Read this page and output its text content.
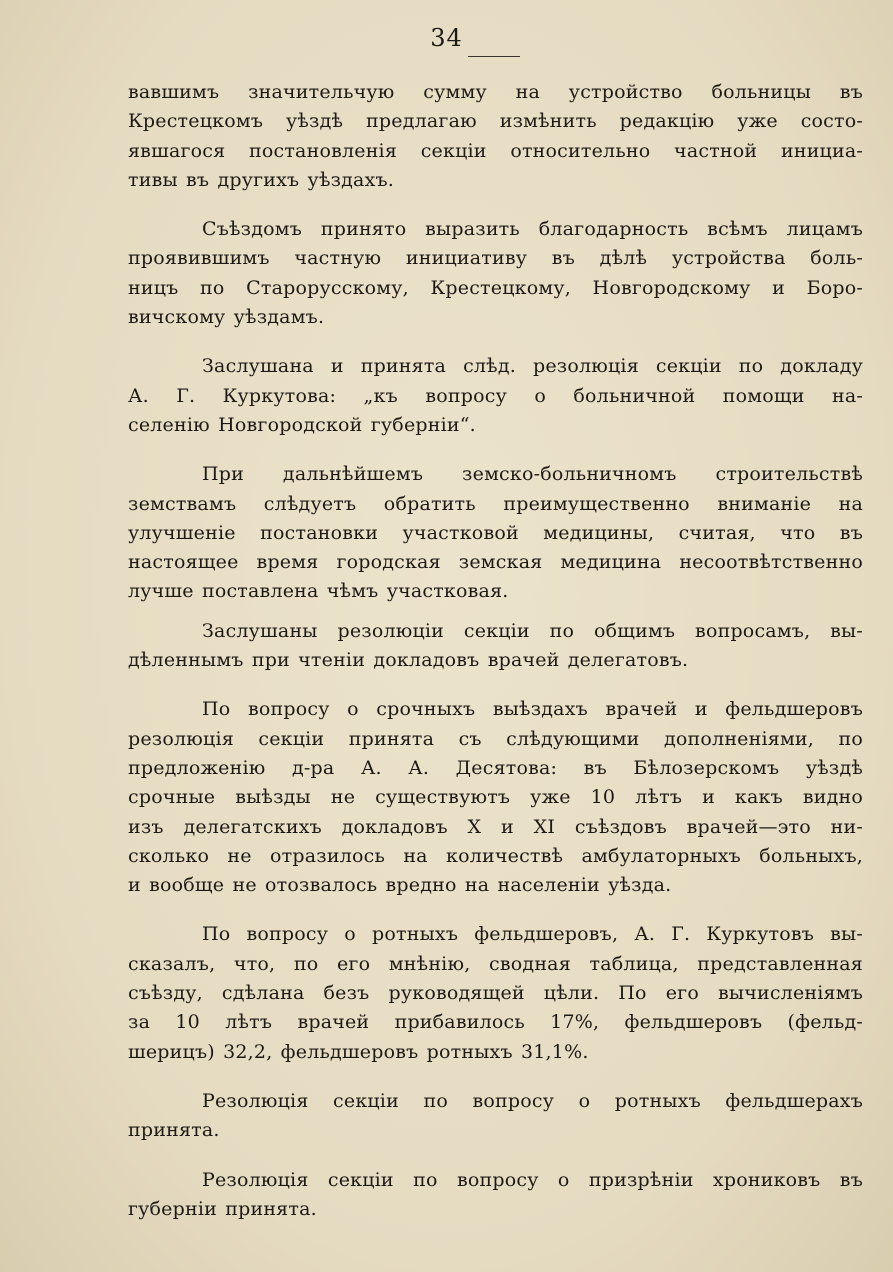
34
вавшимъ значительчую сумму на устройство больницы въ
Крестецкомъ уѣздѣ предлагаю измѣнить редакцію уже состо-
явшагося постановленія секціи относительно частной инициа-
тивы въ другихъ уѣздахъ.
Съѣздомъ принято выразить благодарность всѣмъ лицамъ
проявившимъ частную инициативу въ дѣлѣ устройства боль-
ницъ по Старорусскому, Крестецкому, Новгородскому и Боро-
вичскому уѣздамъ.
Заслушана и принята слѣд. резолюція секціи по докладу
А. Г. Куркутова: „къ вопросу о больничной помощи на-
селенію Новгородской губерніи“.
При дальнѣйшемъ земско-больничномъ строительствѣ
земствамъ слѣдуетъ обратить преимущественно вниманіе на
улучшеніе постановки участковой медицины, считая, что въ
настоящее время городская земская медицина несоотвѣтственно
лучше поставлена чѣмъ участковая.
Заслушаны резолюціи секціи по общимъ вопросамъ, вы-
дѣленнымъ при чтеніи докладовъ врачей делегатовъ.
По вопросу о срочныхъ выѣздахъ врачей и фельдшеровъ
резолюція секціи принята съ слѣдующими дополненіями, по
предложенію д-ра А. А. Десятова: въ Бѣлозерскомъ уѣздѣ
срочные выѣзды не существуютъ уже 10 лѣтъ и какъ видно
изъ делегатскихъ докладовъ X и XI съѣздовъ врачей—это ни-
сколько не отразилось на количествѣ амбулаторныхъ больныхъ,
и вообще не отозвалось вредно на населеніи уѣзда.
По вопросу о ротныхъ фельдшеровъ, А. Г. Куркутовъ вы-
сказалъ, что, по его мнѣнію, сводная таблица, представленная
съѣзду, сдѣлана безъ руководящей цѣли. По его вычисленіямъ
за 10 лѣтъ врачей прибавилось 17%, фельдшеровъ (фельд-
шерицъ) 32,2, фельдшеровъ ротныхъ 31,1%.
Резолюція секціи по вопросу о ротныхъ фельдшерахъ
принята.
Резолюція секціи по вопросу о призрѣніи хрониковъ въ
губерніи принята.
